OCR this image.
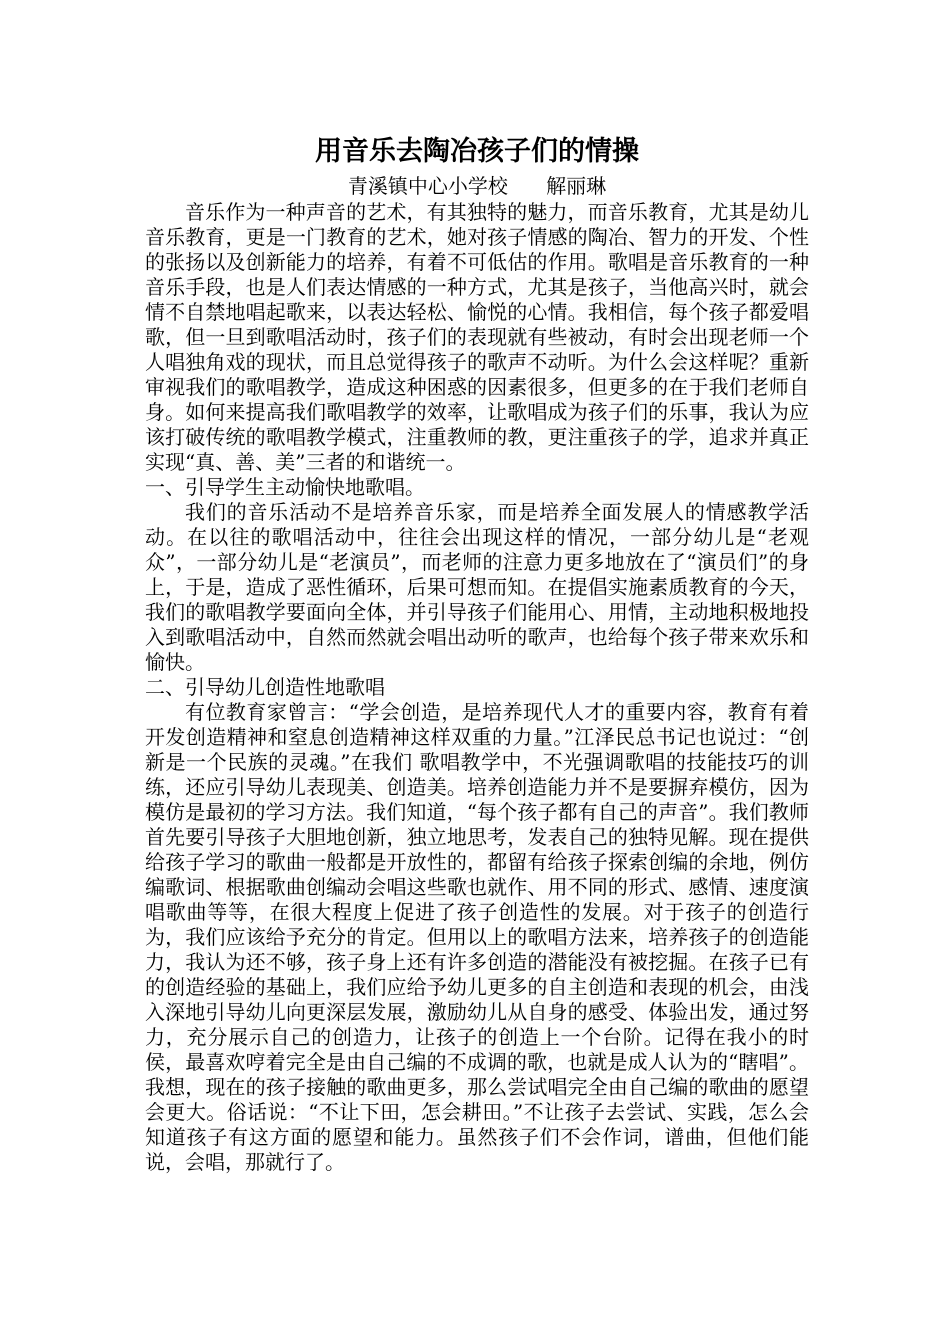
用音乐去陶冶孩子们的情操

青溪镇中心小学校      解丽琳

音乐作为一种声音的艺术，有其独特的魅力，而音乐教育，尤其是幼儿音乐教育，更是一门教育的艺术，她对孩子情感的陶冶、智力的开发、个性的张扬以及创新能力的培养，有着不可低估的作用。歌唱是音乐教育的一种音乐手段，也是人们表达情感的一种方式，尤其是孩子，当他高兴时，就会情不自禁地唱起歌来，以表达轻松、愉悦的心情。我相信，每个孩子都爱唱歌，但一旦到歌唱活动时，孩子们的表现就有些被动，有时会出现老师一个人唱独角戏的现状，而且总觉得孩子的歌声不动听。为什么会这样呢？重新审视我们的歌唱教学，造成这种困惑的因素很多，但更多的在于我们老师自身。如何来提高我们歌唱教学的效率，让歌唱成为孩子们的乐事，我认为应该打破传统的歌唱教学模式，注重教师的教，更注重孩子的学，追求并真正实现“真、善、美”三者的和谐统一。

一、引导学生主动愉快地歌唱。

我们的音乐活动不是培养音乐家，而是培养全面发展人的情感教学活动。在以往的歌唱活动中，往往会出现这样的情况，一部分幼儿是“老观众”，一部分幼儿是“老演员”，而老师的注意力更多地放在了“演员们”的身上，于是，造成了恶性循环，后果可想而知。在提倡实施素质教育的今天，我们的歌唱教学要面向全体，并引导孩子们能用心、用情，主动地积极地投入到歌唱活动中，自然而然就会唱出动听的歌声，也给每个孩子带来欢乐和愉快。

二、引导幼儿创造性地歌唱

有位教育家曾言：“学会创造，是培养现代人才的重要内容，教育有着开发创造精神和窒息创造精神这样双重的力量。”江泽民总书记也说过：“创新是一个民族的灵魂。”在我们 歌唱教学中，不光强调歌唱的技能技巧的训练，还应引导幼儿表现美、创造美。培养创造能力并不是要摒弃模仿，因为模仿是最初的学习方法。我们知道，“每个孩子都有自己的声音”。我们教师首先要引导孩子大胆地创新，独立地思考，发表自己的独特见解。现在提供给孩子学习的歌曲一般都是开放性的，都留有给孩子探索创编的余地，例仿编歌词、根据歌曲创编动会唱这些歌也就作、用不同的形式、感情、速度演唱歌曲等等，在很大程度上促进了孩子创造性的发展。对于孩子的创造行为，我们应该给予充分的肯定。但用以上的歌唱方法来，培养孩子的创造能力，我认为还不够，孩子身上还有许多创造的潜能没有被挖掘。在孩子已有的创造经验的基础上，我们应给予幼儿更多的自主创造和表现的机会，由浅入深地引导幼儿向更深层发展，激励幼儿从自身的感受、体验出发，通过努力，充分展示自己的创造力，让孩子的创造上一个台阶。记得在我小的时侯，最喜欢哼着完全是由自己编的不成调的歌，也就是成人认为的“瞎唱”。我想，现在的孩子接触的歌曲更多，那么尝试唱完全由自己编的歌曲的愿望会更大。俗话说：“不让下田，怎会耕田。”不让孩子去尝试、实践，怎么会知道孩子有这方面的愿望和能力。虽然孩子们不会作词，谱曲，但他们能说，会唱，那就行了。
